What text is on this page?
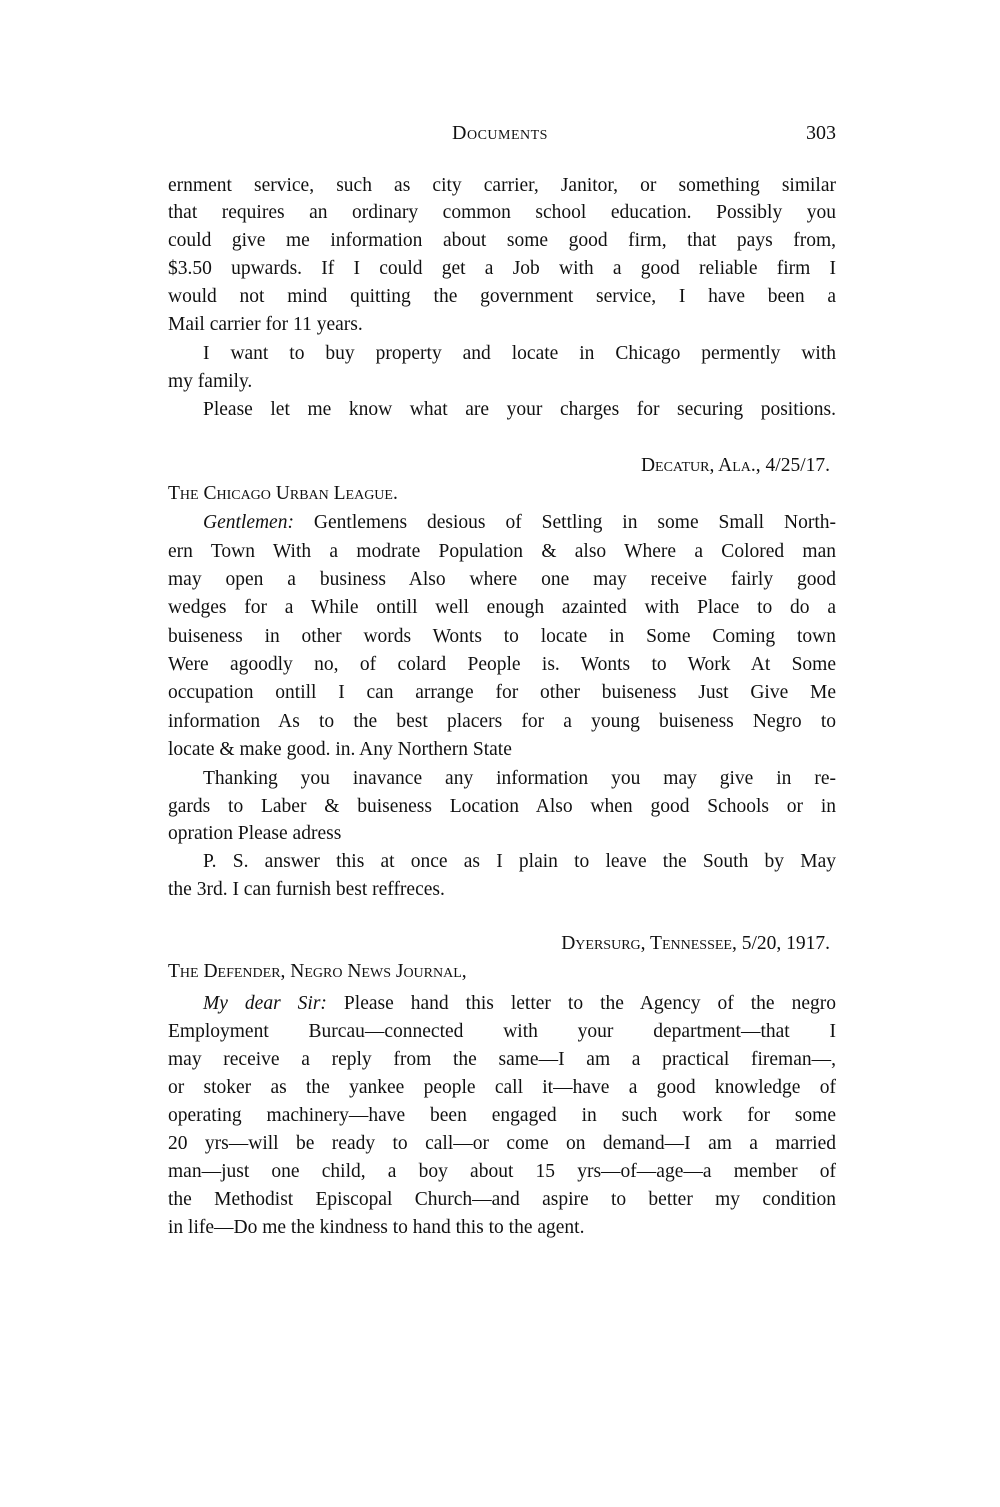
Documents	303
ernment service, such as city carrier, Janitor, or something similar
that requires an ordinary common school education. Possibly you
could give me information about some good firm, that pays from,
$3.50 upwards. If I could get a Job with a good reliable firm I
would not mind quitting the government service, I have been a
Mail carrier for 11 years.
I want to buy property and locate in Chicago permently with
my family.
Please let me know what are your charges for securing positions.
Decatur, Ala., 4/25/17.
The Chicago Urban League.
Gentlemen: Gentlemens desious of Settling in some Small North-
ern Town With a modrate Population & also Where a Colored man
may open a business Also where one may receive fairly good
wedges for a While ontill well enough azainted with Place to do a
buiseness in other words Wonts to locate in Some Coming town
Were agoodly no, of colard People is. Wonts to Work At Some
occupation ontill I can arrange for other buiseness Just Give Me
information As to the best placers for a young buiseness Negro to
locate & make good. in. Any Northern State
Thanking you inavance any information you may give in re-
gards to Laber & buiseness Location Also when good Schools or in
opration Please adress
P. S. answer this at once as I plain to leave the South by May
the 3rd. I can furnish best reffreces.
Dyersurg, Tennessee, 5/20, 1917.
The Defender, Negro News Journal,
My dear Sir: Please hand this letter to the Agency of the negro
Employment Burcau—connected with your department—that I
may receive a reply from the same—I am a practical fireman—,
or stoker as the yankee people call it—have a good knowledge of
operating machinery—have been engaged in such work for some
20 yrs—will be ready to call—or come on demand—I am a married
man—just one child, a boy about 15 yrs—of—age—a member of
the Methodist Episcopal Church—and aspire to better my condition
in life—Do me the kindness to hand this to the agent.
